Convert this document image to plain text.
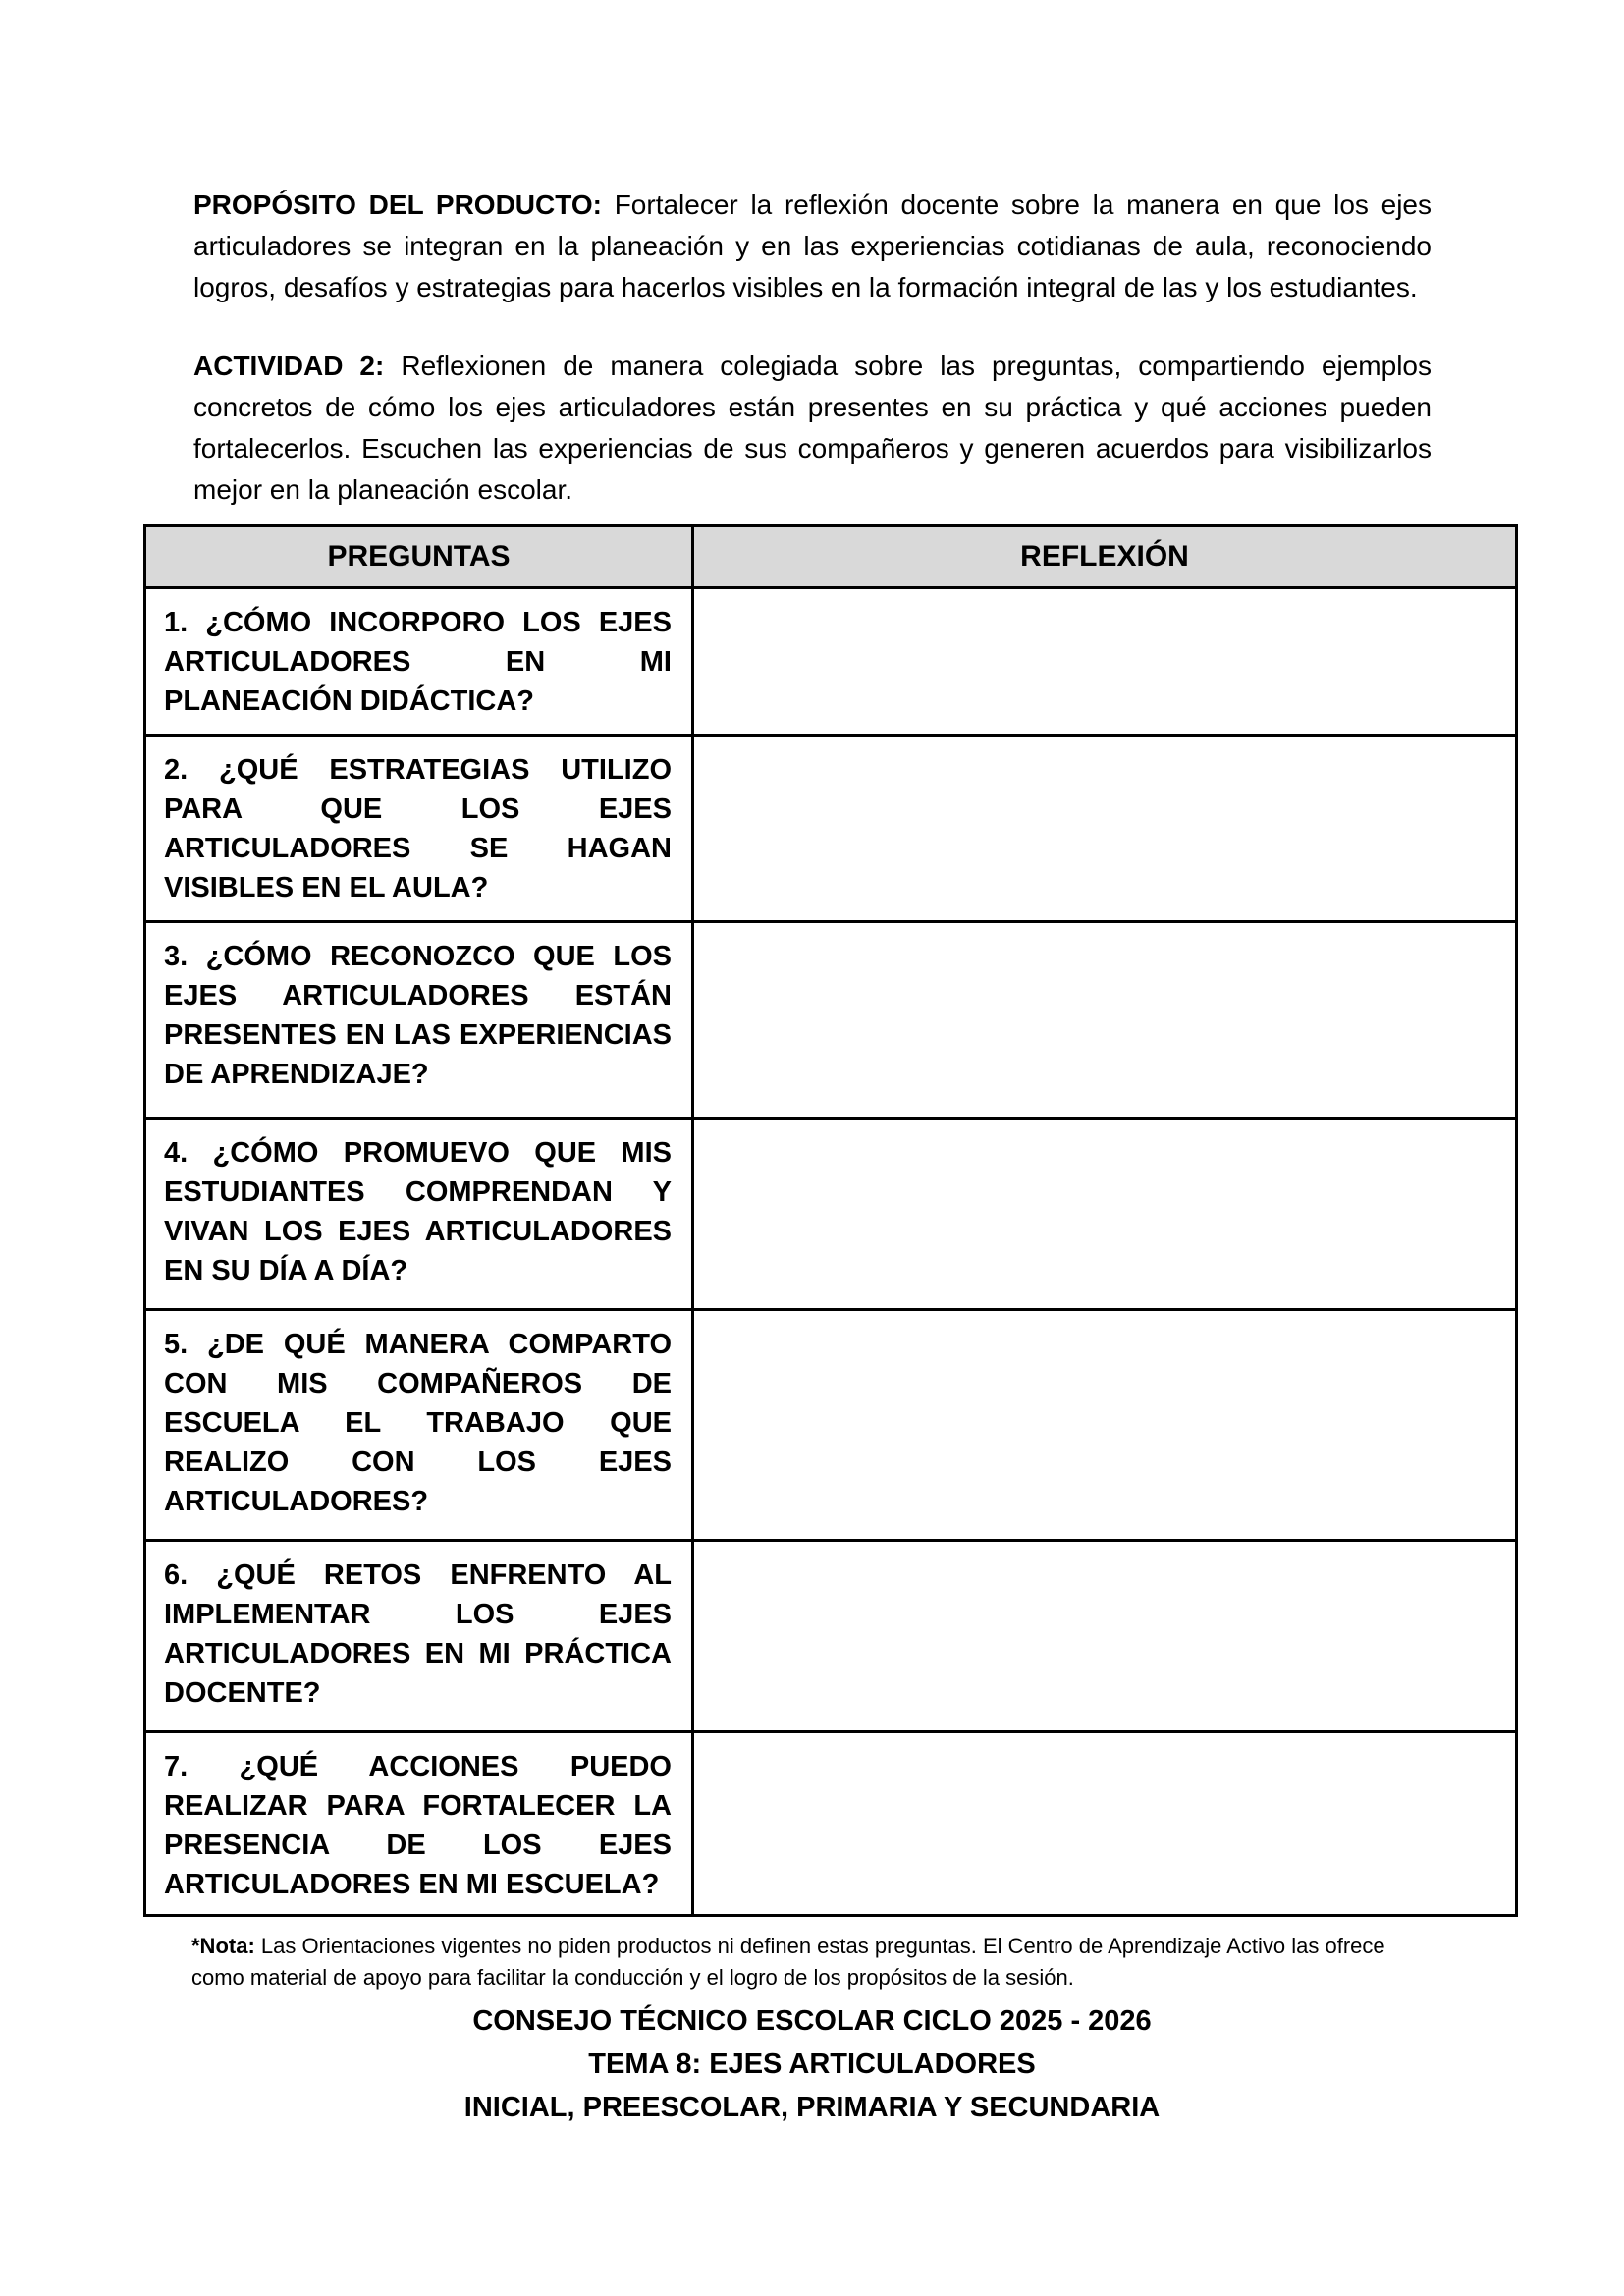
PROPÓSITO DEL PRODUCTO: Fortalecer la reflexión docente sobre la manera en que los ejes articuladores se integran en la planeación y en las experiencias cotidianas de aula, reconociendo logros, desafíos y estrategias para hacerlos visibles en la formación integral de las y los estudiantes.

ACTIVIDAD 2: Reflexionen de manera colegiada sobre las preguntas, compartiendo ejemplos concretos de cómo los ejes articuladores están presentes en su práctica y qué acciones pueden fortalecerlos. Escuchen las experiencias de sus compañeros y generen acuerdos para visibilizarlos mejor en la planeación escolar.

PREGUNTAS	REFLEXIÓN
1. ¿CÓMO INCORPORO LOS EJES ARTICULADORES EN MI PLANEACIÓN DIDÁCTICA?	
2. ¿QUÉ ESTRATEGIAS UTILIZO PARA QUE LOS EJES ARTICULADORES SE HAGAN VISIBLES EN EL AULA?	
3. ¿CÓMO RECONOZCO QUE LOS EJES ARTICULADORES ESTÁN PRESENTES EN LAS EXPERIENCIAS DE APRENDIZAJE?	
4. ¿CÓMO PROMUEVO QUE MIS ESTUDIANTES COMPRENDAN Y VIVAN LOS EJES ARTICULADORES EN SU DÍA A DÍA?	
5. ¿DE QUÉ MANERA COMPARTO CON MIS COMPAÑEROS DE ESCUELA EL TRABAJO QUE REALIZO CON LOS EJES ARTICULADORES?	
6. ¿QUÉ RETOS ENFRENTO AL IMPLEMENTAR LOS EJES ARTICULADORES EN MI PRÁCTICA DOCENTE?	
7. ¿QUÉ ACCIONES PUEDO REALIZAR PARA FORTALECER LA PRESENCIA DE LOS EJES ARTICULADORES EN MI ESCUELA?	

*Nota: Las Orientaciones vigentes no piden productos ni definen estas preguntas. El Centro de Aprendizaje Activo las ofrece como material de apoyo para facilitar la conducción y el logro de los propósitos de la sesión.

CONSEJO TÉCNICO ESCOLAR CICLO 2025 - 2026
TEMA 8: EJES ARTICULADORES
INICIAL, PREESCOLAR, PRIMARIA Y SECUNDARIA
